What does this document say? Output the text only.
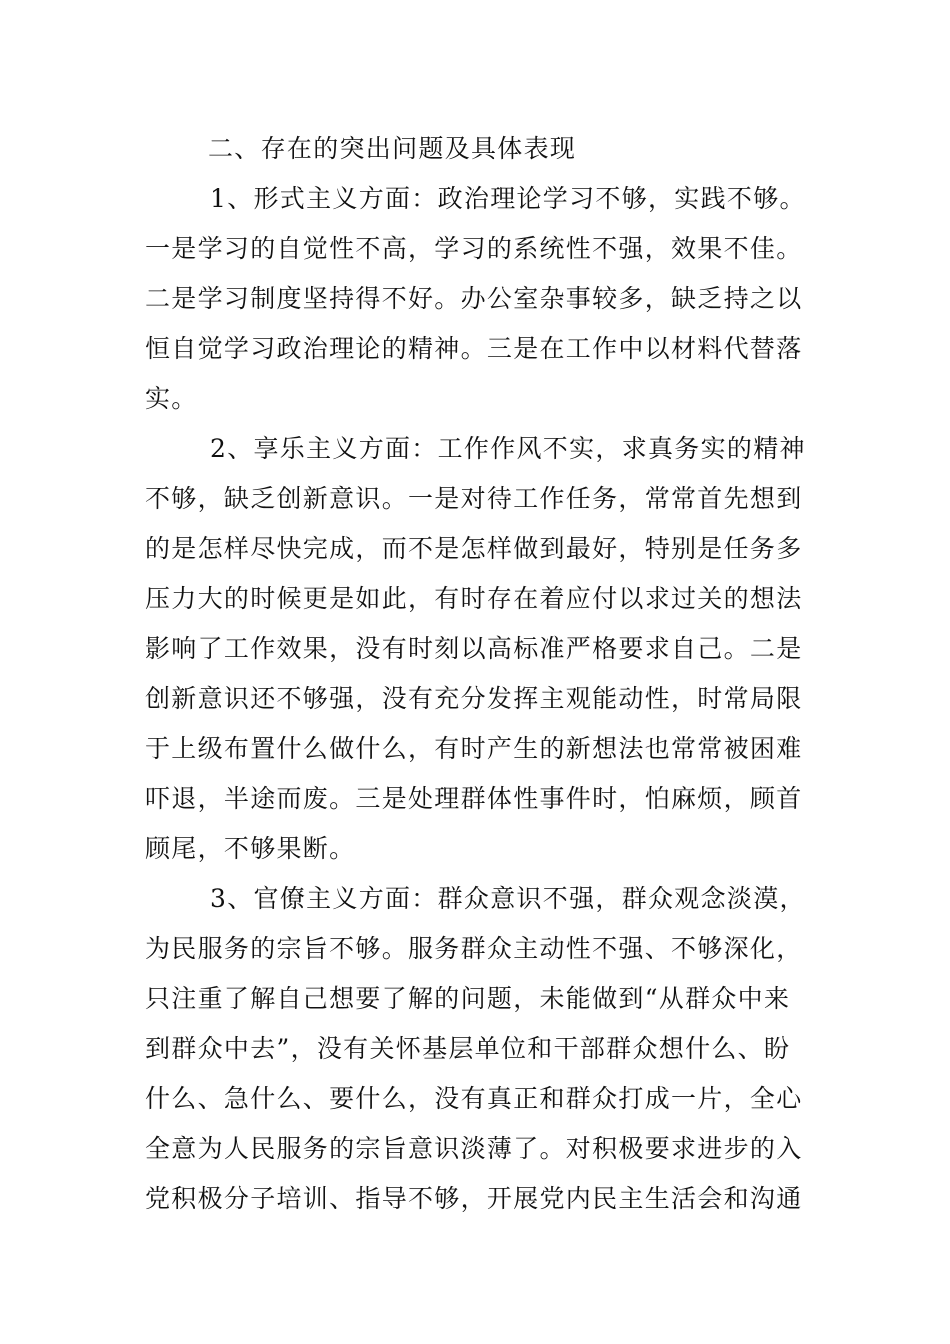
二、存在的突出问题及具体表现
1、形式主义方面：政治理论学习不够，实践不够。
一是学习的自觉性不高，学习的系统性不强，效果不佳。
二是学习制度坚持得不好。办公室杂事较多，缺乏持之以
恒自觉学习政治理论的精神。三是在工作中以材料代替落
实。
2、享乐主义方面：工作作风不实，求真务实的精神
不够，缺乏创新意识。一是对待工作任务，常常首先想到
的是怎样尽快完成，而不是怎样做到最好，特别是任务多
压力大的时候更是如此，有时存在着应付以求过关的想法
影响了工作效果，没有时刻以高标准严格要求自己。二是
创新意识还不够强，没有充分发挥主观能动性，时常局限
于上级布置什么做什么，有时产生的新想法也常常被困难
吓退，半途而废。三是处理群体性事件时，怕麻烦，顾首
顾尾，不够果断。
3、官僚主义方面：群众意识不强，群众观念淡漠，
为民服务的宗旨不够。服务群众主动性不强、不够深化，
只注重了解自己想要了解的问题，未能做到“从群众中来
到群众中去”，没有关怀基层单位和干部群众想什么、盼
什么、急什么、要什么，没有真正和群众打成一片，全心
全意为人民服务的宗旨意识淡薄了。对积极要求进步的入
党积极分子培训、指导不够，开展党内民主生活会和沟通
